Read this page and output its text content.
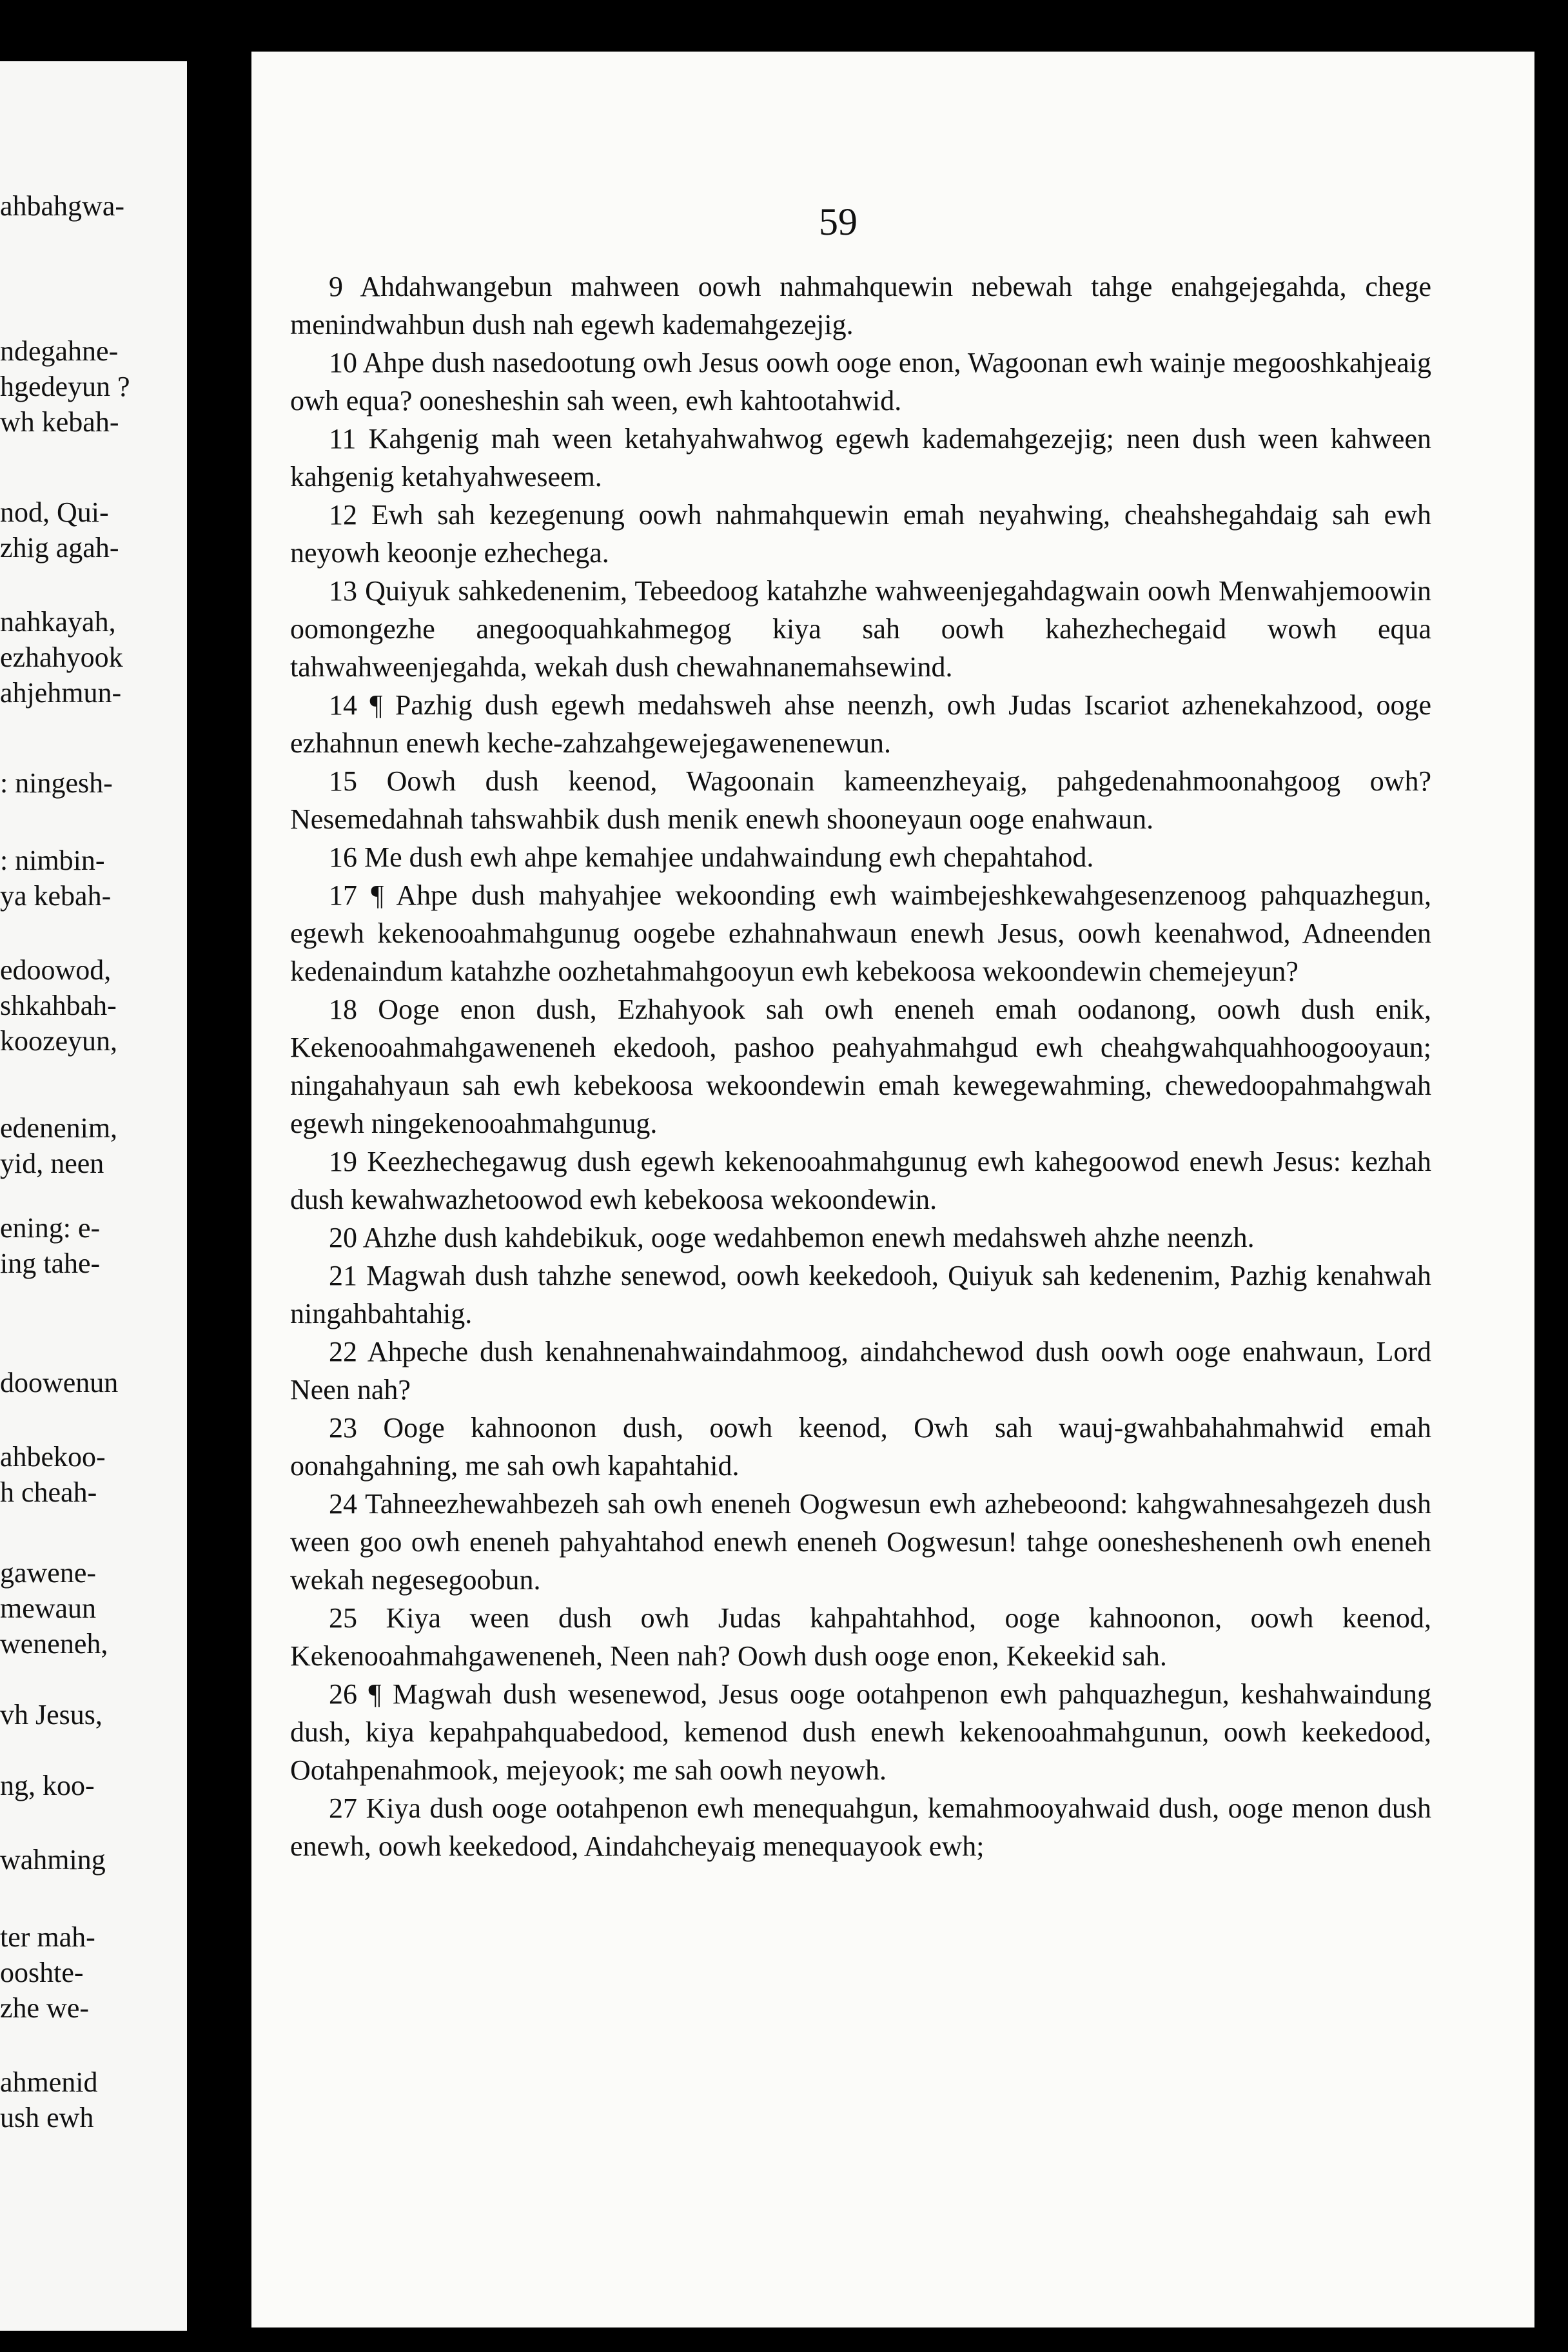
ahbahgwa-
ndegahne-
hgedeyun ?
wh kebah-
nod, Qui-
zhig agah-
nahkayah,
ezhahyook
ahjehmun-
: ningesh-
: nimbin-
ya kebah-
edoowod,
shkahbah-
koozeyun,
edenenim,
yid, neen
ening: e-
ing tahe-
doowenun
ahbekoo-
h cheah-
gawene-
mewaun
weneneh,
vh Jesus,
ng, koo-
wahming
ter mah-
ooshte-
zhe we-
ahmenid
ush ewh
59

9 Ahdahwangebun mahween oowh nahmahquewin nebewah tahge enahgejegahda, chege menindwahbun dush nah egewh kademahgezejig.

10 Ahpe dush nasedootung owh Jesus oowh ooge enon, Wagoonan ewh wainje megooshkahjeaig owh equa? oonesheshin sah ween, ewh kahtootahwid.

11 Kahgenig mah ween ketahyahwahwog egewh kademahgezejig; neen dush ween kahween kahgenig ketahyahweseem.

12 Ewh sah kezegenung oowh nahmahquewin emah neyahwing, cheahshegahdaig sah ewh neyowh keoonje ezhechega.

13 Quiyuk sahkedenenim, Tebeedoog katahzhe wahweenjegahdagwain oowh Menwahjemoowin oomongezhe anegooquahkahmegog kiya sah oowh kahezhechegaid wowh equa tahwahweenjegahda, wekah dush chewahnanemahsewind.

14 ¶ Pazhig dush egewh medahsweh ahse neenzh, owh Judas Iscariot azhenekahzood, ooge ezhahnun enewh keche-zahzahgewejegawenenewun.

15 Oowh dush keenod, Wagoonain kameenzheyaig, pahgedenahmoonahgoog owh? Nesemedahnah tahswahbik dush menik enewh shooneyaun ooge enahwaun.

16 Me dush ewh ahpe kemahjee undahwaindung ewh chepahtahod.

17 ¶ Ahpe dush mahyahjee wekoonding ewh waimbejeshkewahgesenzenoog pahquazhegun, egewh kekenooahmahgunug oogebe ezhahnahwaun enewh Jesus, oowh keenahwod, Adneenden kedenaindum katahzhe oozhetahmahgooyun ewh kebekoosa wekoondewin chemejeyun?

18 Ooge enon dush, Ezhahyook sah owh eneneh emah oodanong, oowh dush enik, Kekenooahmahgaweneneh ekedooh, pashoo peahyahmahgud ewh cheahgwahquahhoogooyaun; ningahahyaun sah ewh kebekoosa wekoondewin emah kewegewahming, chewedoopahmahgwah egewh ningekenooahmahgunug.

19 Keezhechegawug dush egewh kekenooahmahgunug ewh kahegoowod enewh Jesus: kezhah dush kewahwazhetoowod ewh kebekoosa wekoondewin.

20 Ahzhe dush kahdebikuk, ooge wedahbemon enewh medahsweh ahzhe neenzh.

21 Magwah dush tahzhe senewod, oowh keekedooh, Quiyuk sah kedenenim, Pazhig kenahwah ningahbahtahig.

22 Ahpeche dush kenahnenahwaindahmoog, aindahchewod dush oowh ooge enahwaun, Lord Neen nah?

23 Ooge kahnoonon dush, oowh keenod, Owh sah wauj-gwahbahahmahwid emah oonahgahning, me sah owh kapahtahid.

24 Tahneezhewahbezeh sah owh eneneh Oogwesun ewh azhebeoond: kahgwahnesahgezeh dush ween goo owh eneneh pahyahtahod enewh eneneh Oogwesun! tahge oonesheshenenh owh eneneh wekah negesegoobun.

25 Kiya ween dush owh Judas kahpahtahhod, ooge kahnoonon, oowh keenod, Kekenooahmahgaweneneh, Neen nah? Oowh dush ooge enon, Kekeekid sah.

26 ¶ Magwah dush wesenewod, Jesus ooge ootahpenon ewh pahquazhegun, keshahwaindung dush, kiya kepahpahquabedood, kemenod dush enewh kekenooahmahgunun, oowh keekedood, Ootahpenahmook, mejeyook; me sah oowh neyowh.

27 Kiya dush ooge ootahpenon ewh menequahgun, kemahmooyahwaid dush, ooge menon dush enewh, oowh keekedood, Aindahcheyaig menequayook ewh;
